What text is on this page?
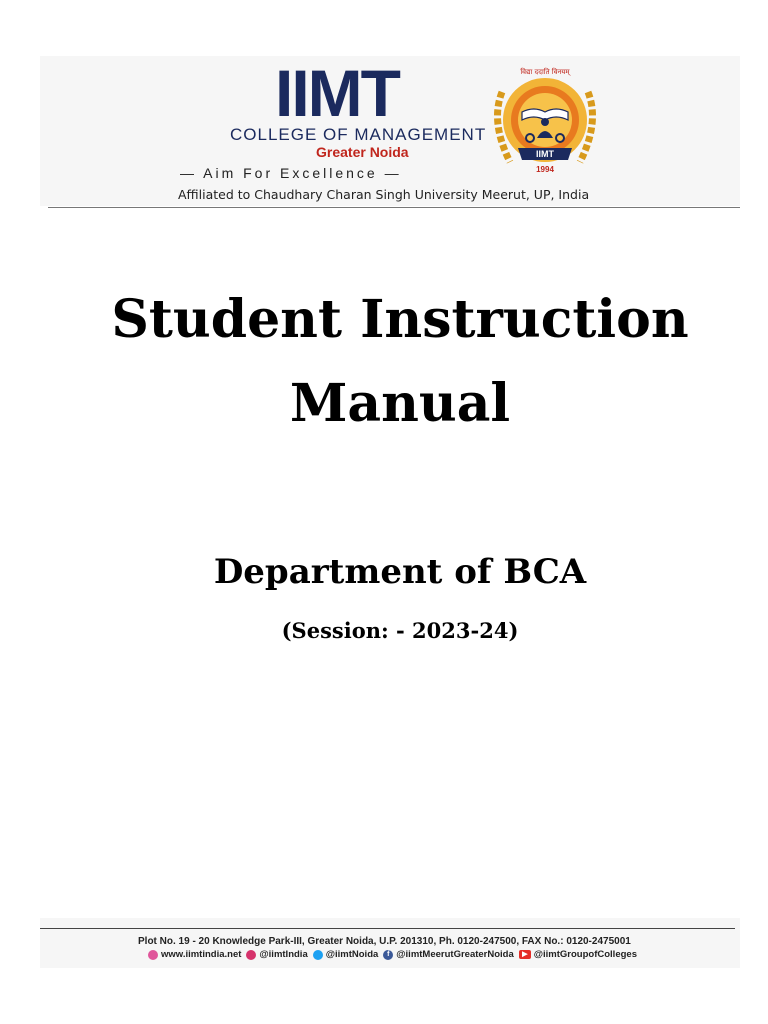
IIMT
COLLEGE OF MANAGEMENT
Greater Noida
— Aim For Excellence —
IIMT
1994
विद्या ददाति विनयम्
Affiliated to Chaudhary Charan Singh University Meerut, UP, India
Student Instruction
Manual
Department of BCA
(Session: - 2023-24)
Plot No. 19 - 20 Knowledge Park-III, Greater Noida, U.P. 201310, Ph. 0120-247500, FAX No.: 0120-2475001
www.iimtindia.net @iimtIndia @iimtNoida	f @iimtMeerutGreaterNoida	▶ @iimtGroupofColleges
